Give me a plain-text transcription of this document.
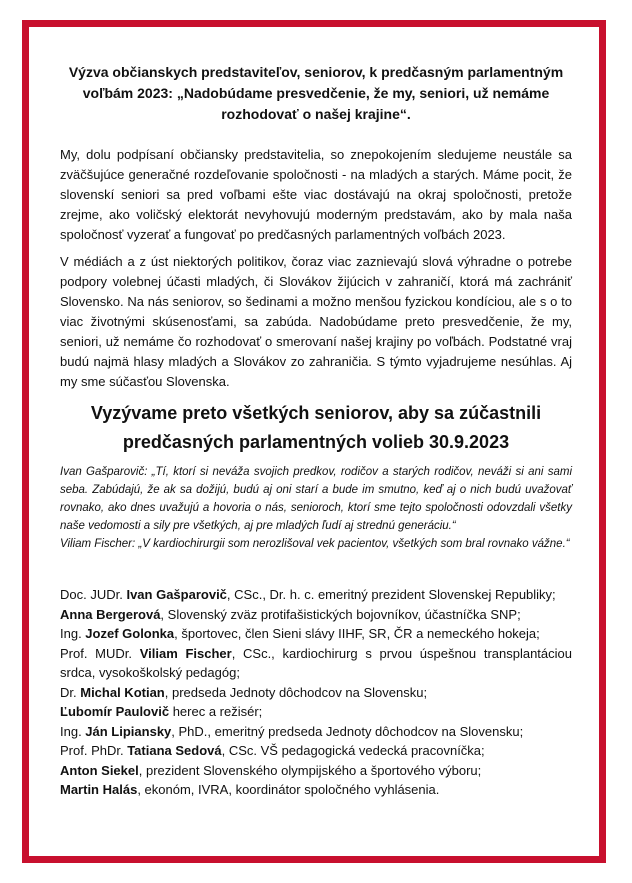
Výzva občianskych predstaviteľov, seniorov, k predčasným parlamentným voľbám 2023: „Nadobúdame presvedčenie, že my, seniori, už nemáme rozhodovať o našej krajine“.

My, dolu podpísaní občiansky predstavitelia, so znepokojením sledujeme neustále sa zväčšujúce generačné rozdeľovanie spoločnosti - na mladých a starých. Máme pocit, že slovenskí seniori sa pred voľbami ešte viac dostávajú na okraj spoločnosti, pretože zrejme, ako voličský elektorát nevyhovujú moderným predstavám, ako by mala naša spoločnosť vyzerať a fungovať po predčasných parlamentných voľbách 2023.

V médiách a z úst niektorých politikov, čoraz viac zaznievajú slová výhradne o potrebe podpory volebnej účasti mladých, či Slovákov žijúcich v zahraničí, ktorá má zachrániť Slovensko. Na nás seniorov, so šedinami a možno menšou fyzickou kondíciou, ale s o to viac životnými skúsenosťami, sa zabúda. Nadobúdame preto presvedčenie, že my, seniori, už nemáme čo rozhodovať o smerovaní našej krajiny po voľbách. Podstatné vraj budú najmä hlasy mladých a Slovákov zo zahraničia. S týmto vyjadrujeme nesúhlas. Aj my sme súčasťou Slovenska.

Vyzývame preto všetkých seniorov, aby sa zúčastnili predčasných parlamentných volieb 30.9.2023
Ivan Gašparovič: „Tí, ktorí si neváža svojich predkov, rodičov a starých rodičov, neváži si ani sami seba. Zabúdajú, že ak sa dožijú, budú aj oni starí a bude im smutno, keď aj o nich budú uvažovať rovnako, ako dnes uvažujú a hovoria o nás, senioroch, ktorí sme tejto spoločnosti odovzdali všetky naše vedomosti a sily pre všetkých, aj pre mladých ľudí aj strednú generáciu.“
Viliam Fischer: „V kardiochirurgii som nerozlišoval vek pacientov, všetkých som bral rovnako vážne.“
Doc. JUDr. Ivan Gašparovič, CSc., Dr. h. c. emeritný prezident Slovenskej Republiky;
Anna Bergerová, Slovenský zväz protifašistických bojovníkov, účastníčka SNP;
Ing. Jozef Golonka, športovec, člen Sieni slávy IIHF, SR, ČR a nemeckého hokeja;
Prof. MUDr. Viliam Fischer, CSc., kardiochirurg s prvou úspešnou transplantáciou srdca, vysokoškolský pedagóg;
Dr. Michal Kotian, predseda Jednoty dôchodcov na Slovensku;
Ľubomír Paulovič herec a režisér;
Ing. Ján Lipiansky, PhD., emeritný predseda Jednoty dôchodcov na Slovensku;
Prof. PhDr. Tatiana Sedová, CSc. VŠ pedagogická vedecká pracovníčka;
Anton Siekel, prezident Slovenského olympijského a športového výboru;
Martin Halás, ekonóm, IVRA, koordinátor spoločného vyhlásenia.
